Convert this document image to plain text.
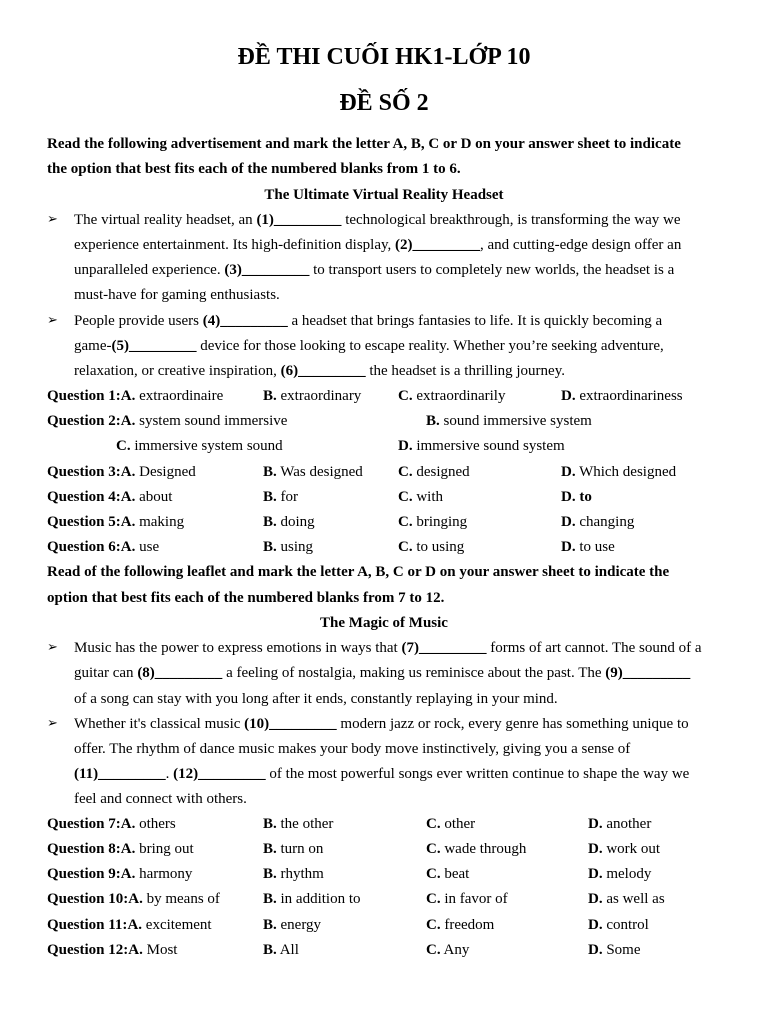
ĐỀ THI CUỐI HK1-LỚP 10
ĐỀ SỐ 2
Read the following advertisement and mark the letter A, B, C or D on your answer sheet to indicate
the option that best fits each of the numbered blanks from 1 to 6.
The Ultimate Virtual Reality Headset
➢ The virtual reality headset, an (1)_________ technological breakthrough, is transforming the way we
experience entertainment. Its high-definition display, (2)_________, and cutting-edge design offer an
unparalleled experience. (3)_________ to transport users to completely new worlds, the headset is a
must-have for gaming enthusiasts.
➢ People provide users (4)_________ a headset that brings fantasies to life. It is quickly becoming a
game-(5)_________ device for those looking to escape reality. Whether you’re seeking adventure,
relaxation, or creative inspiration, (6)_________ the headset is a thrilling journey.
Question 1:A. extraordinaire	B. extraordinary C. extraordinarily	D. extraordinariness
Question 2:A. system sound immersive	B. sound immersive system
C. immersive system sound	D. immersive sound system
Question 3:A. Designed	B. Was designed C. designed	D. Which designed
Question 4:A. about	B. for	C. with	D. to
Question 5:A. making	B. doing	C. bringing	D. changing
Question 6:A. use	B. using	C. to using	D. to use
Read of the following leaflet and mark the letter A, B, C or D on your answer sheet to indicate the
option that best fits each of the numbered blanks from 7 to 12.
The Magic of Music
➢ Music has the power to express emotions in ways that (7)_________ forms of art cannot. The sound of a
guitar can (8)_________ a feeling of nostalgia, making us reminisce about the past. The (9)_________
of a song can stay with you long after it ends, constantly replaying in your mind.
➢ Whether it's classical music (10)_________ modern jazz or rock, every genre has something unique to
offer. The rhythm of dance music makes your body move instinctively, giving you a sense of
(11)_________. (12)_________ of the most powerful songs ever written continue to shape the way we
feel and connect with others.
Question 7:A. others	B. the other	C. other	D. another
Question 8:A. bring out	B. turn on	C. wade through	D. work out
Question 9:A. harmony	B. rhythm	C. beat	D. melody
Question 10:A. by means of	B. in addition to	C. in favor of	D. as well as
Question 11:A. excitement	B. energy	C. freedom	D. control
Question 12:A. Most	B. All	C. Any	D. Some
